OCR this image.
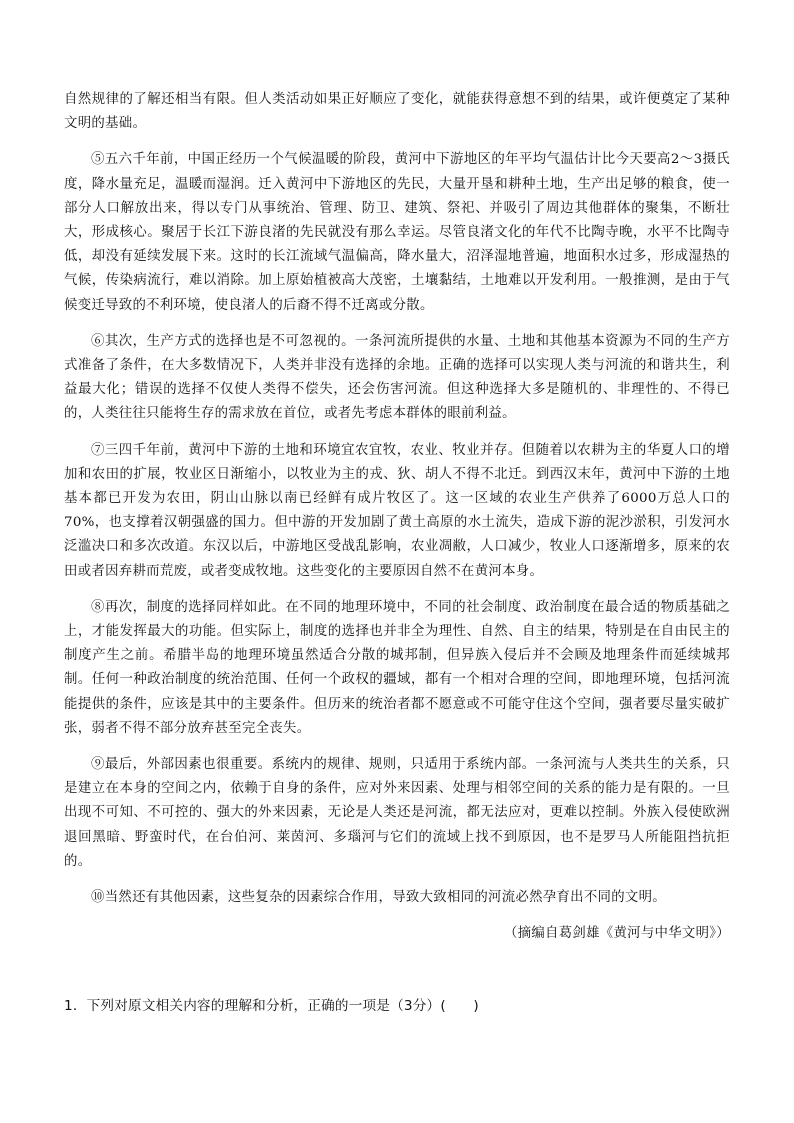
自然规律的了解还相当有限。但人类活动如果正好顺应了变化，就能获得意想不到的结果，或许便奠定了某种文明的基础。

⑤五六千年前，中国正经历一个气候温暖的阶段，黄河中下游地区的年平均气温估计比今天要高2～3摄氏度，降水量充足，温暖而湿润。迁入黄河中下游地区的先民，大量开垦和耕种土地，生产出足够的粮食，使一部分人口解放出来，得以专门从事统治、管理、防卫、建筑、祭祀、并吸引了周边其他群体的聚集，不断壮大，形成核心。聚居于长江下游良渚的先民就没有那么幸运。尽管良渚文化的年代不比陶寺晚，水平不比陶寺低，却没有延续发展下来。这时的长江流域气温偏高，降水量大，沼泽湿地普遍，地面积水过多，形成湿热的气候，传染病流行，难以消除。加上原始植被高大茂密，土壤黏结，土地难以开发利用。一般推测，是由于气候变迁导致的不利环境，使良渚人的后裔不得不迁离或分散。

⑥其次，生产方式的选择也是不可忽视的。一条河流所提供的水量、土地和其他基本资源为不同的生产方式准备了条件，在大多数情况下，人类并非没有选择的余地。正确的选择可以实现人类与河流的和谐共生，利益最大化；错误的选择不仅使人类得不偿失，还会伤害河流。但这种选择大多是随机的、非理性的、不得已的，人类往往只能将生存的需求放在首位，或者先考虑本群体的眼前利益。

⑦三四千年前，黄河中下游的土地和环境宜农宜牧，农业、牧业并存。但随着以农耕为主的华夏人口的增加和农田的扩展，牧业区日渐缩小，以牧业为主的戎、狄、胡人不得不北迁。到西汉末年，黄河中下游的土地基本都已开发为农田，阴山山脉以南已经鲜有成片牧区了。这一区域的农业生产供养了6000万总人口的70%，也支撑着汉朝强盛的国力。但中游的开发加剧了黄土高原的水土流失，造成下游的泥沙淤积，引发河水泛滥决口和多次改道。东汉以后，中游地区受战乱影响，农业凋敝，人口减少，牧业人口逐渐增多，原来的农田或者因弃耕而荒废，或者变成牧地。这些变化的主要原因自然不在黄河本身。

⑧再次，制度的选择同样如此。在不同的地理环境中，不同的社会制度、政治制度在最合适的物质基础之上，才能发挥最大的功能。但实际上，制度的选择也并非全为理性、自然、自主的结果，特别是在自由民主的制度产生之前。希腊半岛的地理环境虽然适合分散的城邦制，但异族入侵后并不会顾及地理条件而延续城邦制。任何一种政治制度的统治范围、任何一个政权的疆域，都有一个相对合理的空间，即地理环境，包括河流能提供的条件，应该是其中的主要条件。但历来的统治者都不愿意或不可能守住这个空间，强者要尽量实破扩张，弱者不得不部分放弃甚至完全丧失。

⑨最后，外部因素也很重要。系统内的规律、规则，只适用于系统内部。一条河流与人类共生的关系，只是建立在本身的空间之内，依赖于自身的条件，应对外来因素、处理与相邻空间的关系的能力是有限的。一旦出现不可知、不可控的、强大的外来因素，无论是人类还是河流，都无法应对，更难以控制。外族入侵使欧洲退回黑暗、野蛮时代，在台伯河、莱茵河、多瑙河与它们的流域上找不到原因，也不是罗马人所能阻挡抗拒的。

⑩当然还有其他因素，这些复杂的因素综合作用，导致大致相同的河流必然孕育出不同的文明。

（摘编自葛剑雄《黄河与中华文明》）

1．下列对原文相关内容的理解和分析，正确的一项是（3分）(　　)
